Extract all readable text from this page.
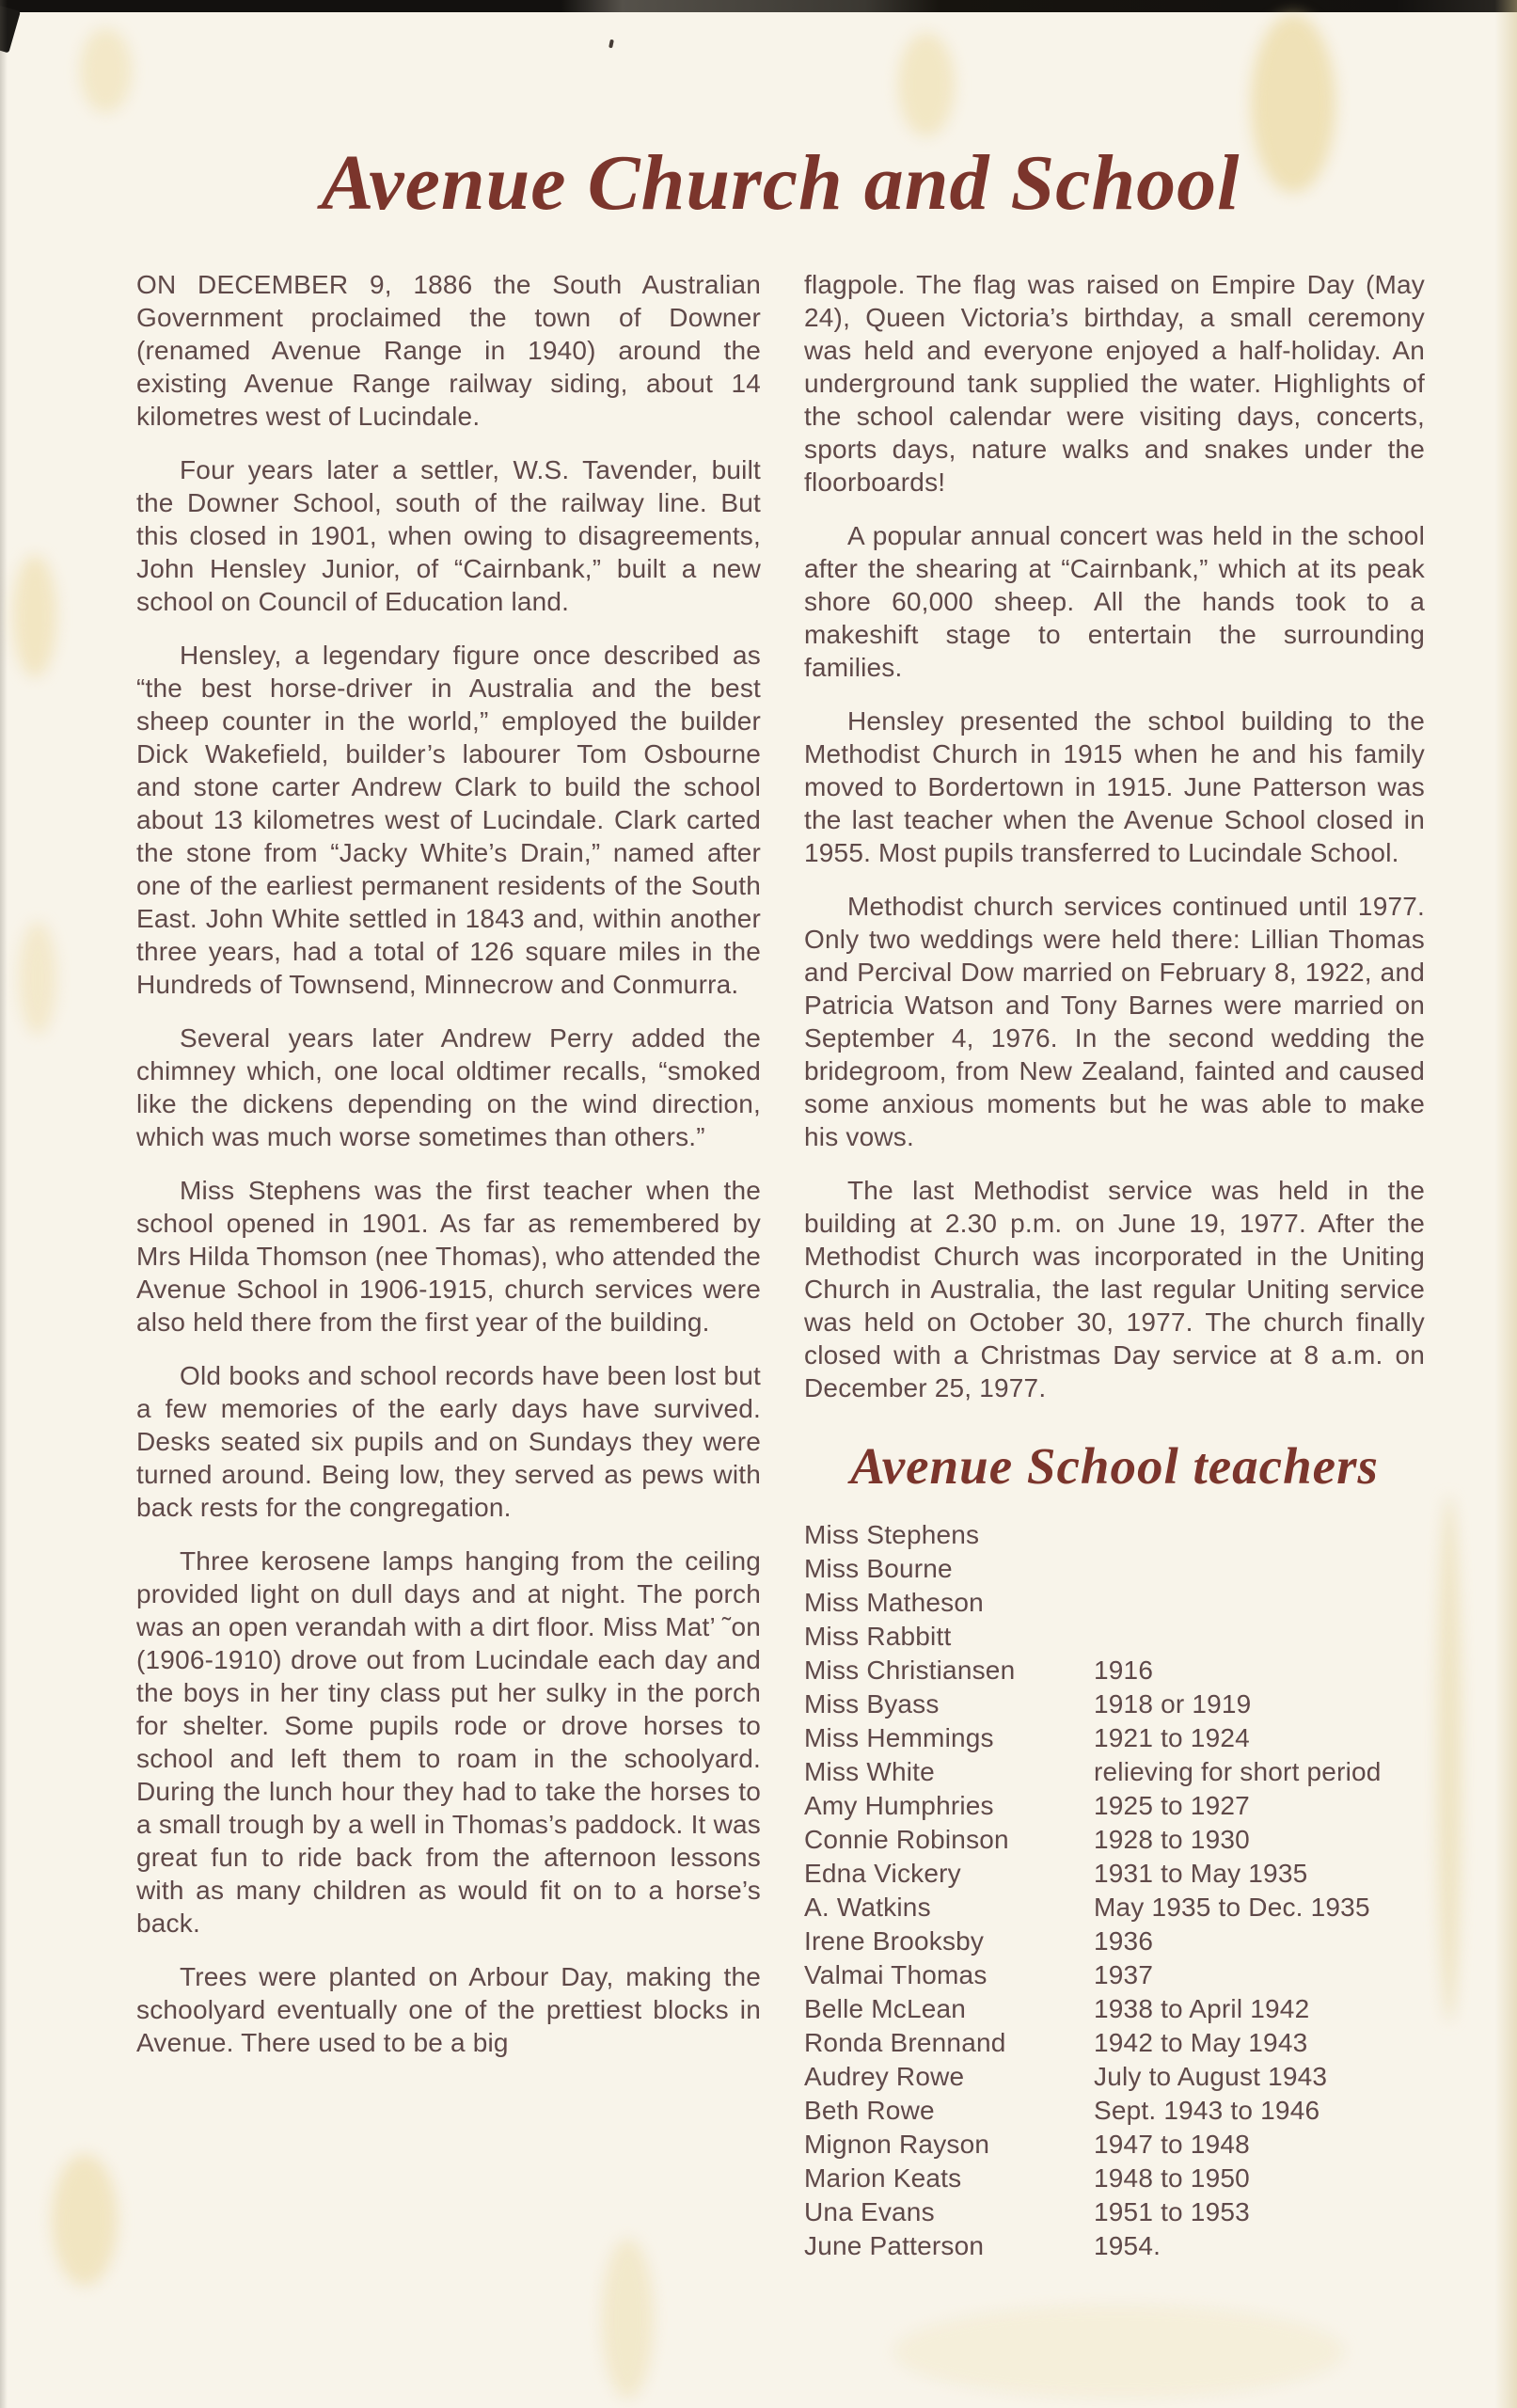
Avenue Church and School

ON DECEMBER 9, 1886 the South Australian Government proclaimed the town of Downer (renamed Avenue Range in 1940) around the existing Avenue Range railway siding, about 14 kilometres west of Lucindale.

Four years later a settler, W.S. Tavender, built the Downer School, south of the railway line. But this closed in 1901, when owing to disagreements, John Hensley Junior, of “Cairnbank,” built a new school on Council of Education land.

Hensley, a legendary figure once described as “the best horse-driver in Australia and the best sheep counter in the world,” employed the builder Dick Wakefield, builder’s labourer Tom Osbourne and stone carter Andrew Clark to build the school about 13 kilometres west of Lucindale. Clark carted the stone from “Jacky White’s Drain,” named after one of the earliest permanent residents of the South East. John White settled in 1843 and, within another three years, had a total of 126 square miles in the Hundreds of Townsend, Minnecrow and Conmurra.

Several years later Andrew Perry added the chimney which, one local oldtimer recalls, “smoked like the dickens depending on the wind direction, which was much worse sometimes than others.”

Miss Stephens was the first teacher when the school opened in 1901. As far as remembered by Mrs Hilda Thomson (nee Thomas), who attended the Avenue School in 1906-1915, church services were also held there from the first year of the building.

Old books and school records have been lost but a few memories of the early days have survived. Desks seated six pupils and on Sundays they were turned around. Being low, they served as pews with back rests for the congregation.

Three kerosene lamps hanging from the ceiling provided light on dull days and at night. The porch was an open verandah with a dirt floor. Miss Mat’ ˜on (1906-1910) drove out from Lucindale each day and the boys in her tiny class put her sulky in the porch for shelter. Some pupils rode or drove horses to school and left them to roam in the schoolyard. During the lunch hour they had to take the horses to a small trough by a well in Thomas’s paddock. It was great fun to ride back from the afternoon lessons with as many children as would fit on to a horse’s back.

Trees were planted on Arbour Day, making the schoolyard eventually one of the prettiest blocks in Avenue. There used to be a big

flagpole. The flag was raised on Empire Day (May 24), Queen Victoria’s birthday, a small ceremony was held and everyone enjoyed a half-holiday. An underground tank supplied the water. Highlights of the school calendar were visiting days, concerts, sports days, nature walks and snakes under the floorboards!

A popular annual concert was held in the school after the shearing at “Cairnbank,” which at its peak shore 60,000 sheep. All the hands took to a makeshift stage to entertain the surrounding families.

Hensley presented the school building to the Methodist Church in 1915 when he and his family moved to Bordertown in 1915. June Patterson was the last teacher when the Avenue School closed in 1955. Most pupils transferred to Lucindale School.

Methodist church services continued until 1977. Only two weddings were held there: Lillian Thomas and Percival Dow married on February 8, 1922, and Patricia Watson and Tony Barnes were married on September 4, 1976. In the second wedding the bridegroom, from New Zealand, fainted and caused some anxious moments but he was able to make his vows.

The last Methodist service was held in the building at 2.30 p.m. on June 19, 1977. After the Methodist Church was incorporated in the Uniting Church in Australia, the last regular Uniting service was held on October 30, 1977. The church finally closed with a Christmas Day service at 8 a.m. on December 25, 1977.

Avenue School teachers
Miss Stephens
Miss Bourne
Miss Matheson
Miss Rabbitt
Miss Christiansen	1916
Miss Byass	1918 or 1919
Miss Hemmings	1921 to 1924
Miss White	relieving for short period
Amy Humphries	1925 to 1927
Connie Robinson	1928 to 1930
Edna Vickery	1931 to May 1935
A. Watkins	May 1935 to Dec. 1935
Irene Brooksby	1936
Valmai Thomas	1937
Belle McLean	1938 to April 1942
Ronda Brennand	1942 to May 1943
Audrey Rowe	July to August 1943
Beth Rowe	Sept. 1943 to 1946
Mignon Rayson	1947 to 1948
Marion Keats	1948 to 1950
Una Evans	1951 to 1953
June Patterson	1954.
